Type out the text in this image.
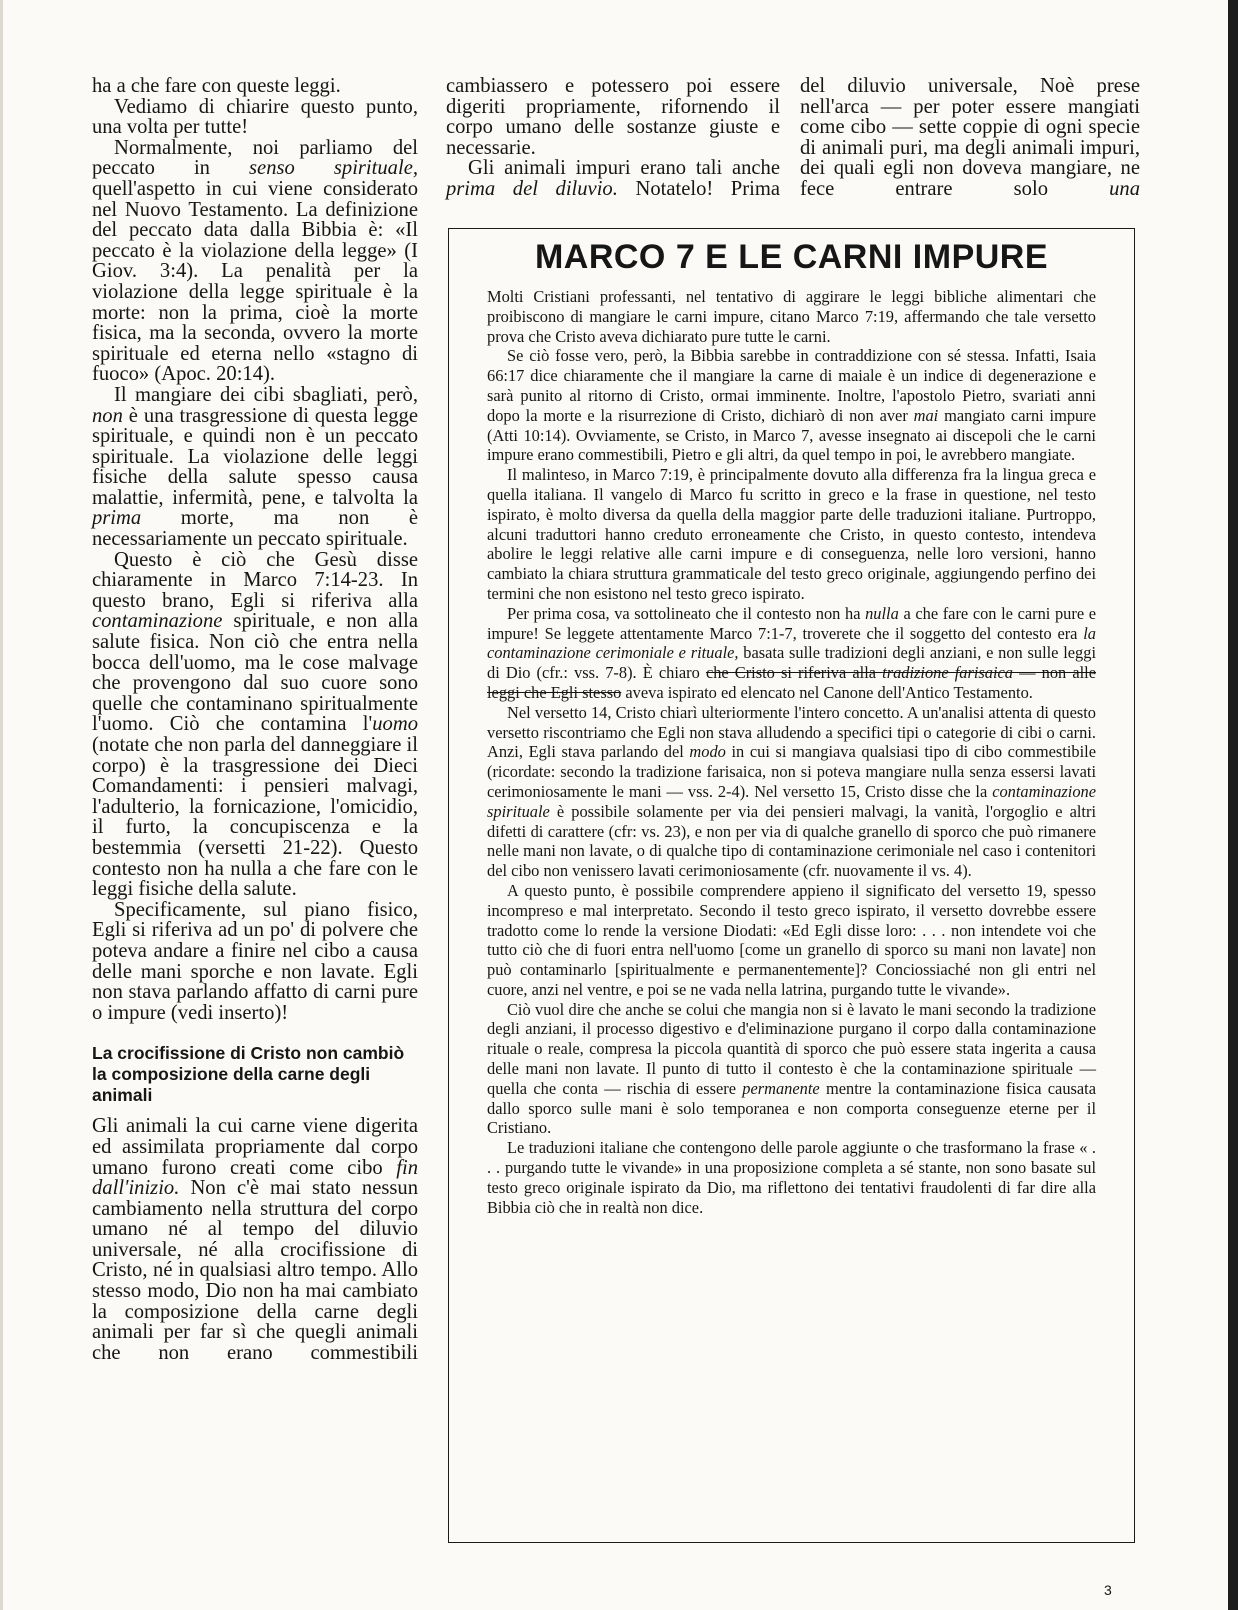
ha a che fare con queste leggi.

Vediamo di chiarire questo punto, una volta per tutte!

Normalmente, noi parliamo del peccato in senso spirituale, quell'aspetto in cui viene considerato nel Nuovo Testamento. La definizione del peccato data dalla Bibbia è: «Il peccato è la violazione della legge» (I Giov. 3:4). La penalità per la violazione della legge spirituale è la morte: non la prima, cioè la morte fisica, ma la seconda, ovvero la morte spirituale ed eterna nello «stagno di fuoco» (Apoc. 20:14).

Il mangiare dei cibi sbagliati, però, non è una trasgressione di questa legge spirituale, e quindi non è un peccato spirituale. La violazione delle leggi fisiche della salute spesso causa malattie, infermità, pene, e talvolta la prima morte, ma non è necessariamente un peccato spirituale.

Questo è ciò che Gesù disse chiaramente in Marco 7:14-23. In questo brano, Egli si riferiva alla contaminazione spirituale, e non alla salute fisica. Non ciò che entra nella bocca dell'uomo, ma le cose malvage che provengono dal suo cuore sono quelle che contaminano spiritualmente l'uomo. Ciò che contamina l'uomo (notate che non parla del danneggiare il corpo) è la trasgressione dei Dieci Comandamenti: i pensieri malvagi, l'adulterio, la fornicazione, l'omicidio, il furto, la concupiscenza e la bestemmia (versetti 21-22). Questo contesto non ha nulla a che fare con le leggi fisiche della salute.

Specificamente, sul piano fisico, Egli si riferiva ad un po' di polvere che poteva andare a finire nel cibo a causa delle mani sporche e non lavate. Egli non stava parlando affatto di carni pure o impure (vedi inserto)!

La crocifissione di Cristo non cambiò la composizione della carne degli animali

Gli animali la cui carne viene digerita ed assimilata propriamente dal corpo umano furono creati come cibo fin dall'inizio. Non c'è mai stato nessun cambiamento nella struttura del corpo umano né al tempo del diluvio universale, né alla crocifissione di Cristo, né in qualsiasi altro tempo. Allo stesso modo, Dio non ha mai cambiato la composizione della carne degli animali per far sì che quegli animali che non erano commestibili

cambiassero e potessero poi essere digeriti propriamente, rifornendo il corpo umano delle sostanze giuste e necessarie.

Gli animali impuri erano tali anche prima del diluvio. Notatelo! Prima

del diluvio universale, Noè prese nell'arca — per poter essere mangiati come cibo — sette coppie di ogni specie di animali puri, ma degli animali impuri, dei quali egli non doveva mangiare, ne fece entrare solo una

MARCO 7 E LE CARNI IMPURE

Molti Cristiani professanti, nel tentativo di aggirare le leggi bibliche alimentari che proibiscono di mangiare le carni impure, citano Marco 7:19, affermando che tale versetto prova che Cristo aveva dichiarato pure tutte le carni.

Se ciò fosse vero, però, la Bibbia sarebbe in contraddizione con sé stessa. Infatti, Isaia 66:17 dice chiaramente che il mangiare la carne di maiale è un indice di degenerazione e sarà punito al ritorno di Cristo, ormai imminente. Inoltre, l'apostolo Pietro, svariati anni dopo la morte e la risurrezione di Cristo, dichiarò di non aver mai mangiato carni impure (Atti 10:14). Ovviamente, se Cristo, in Marco 7, avesse insegnato ai discepoli che le carni impure erano commestibili, Pietro e gli altri, da quel tempo in poi, le avrebbero mangiate.

Il malinteso, in Marco 7:19, è principalmente dovuto alla differenza fra la lingua greca e quella italiana. Il vangelo di Marco fu scritto in greco e la frase in questione, nel testo ispirato, è molto diversa da quella della maggior parte delle traduzioni italiane. Purtroppo, alcuni traduttori hanno creduto erroneamente che Cristo, in questo contesto, intendeva abolire le leggi relative alle carni impure e di conseguenza, nelle loro versioni, hanno cambiato la chiara struttura grammaticale del testo greco originale, aggiungendo perfino dei termini che non esistono nel testo greco ispirato.

Per prima cosa, va sottolineato che il contesto non ha nulla a che fare con le carni pure e impure! Se leggete attentamente Marco 7:1-7, troverete che il soggetto del contesto era la contaminazione cerimoniale e rituale, basata sulle tradizioni degli anziani, e non sulle leggi di Dio (cfr.: vss. 7-8). È chiaro che Cristo si riferiva alla tradizione farisaica — non alle leggi che Egli stesso aveva ispirato ed elencato nel Canone dell'Antico Testamento.

Nel versetto 14, Cristo chiarì ulteriormente l'intero concetto. A un'analisi attenta di questo versetto riscontriamo che Egli non stava alludendo a specifici tipi o categorie di cibi o carni. Anzi, Egli stava parlando del modo in cui si mangiava qualsiasi tipo di cibo commestibile (ricordate: secondo la tradizione farisaica, non si poteva mangiare nulla senza essersi lavati cerimoniosamente le mani — vss. 2-4). Nel versetto 15, Cristo disse che la contaminazione spirituale è possibile solamente per via dei pensieri malvagi, la vanità, l'orgoglio e altri difetti di carattere (cfr: vs. 23), e non per via di qualche granello di sporco che può rimanere nelle mani non lavate, o di qualche tipo di contaminazione cerimoniale nel caso i contenitori del cibo non venissero lavati cerimoniosamente (cfr. nuovamente il vs. 4).

A questo punto, è possibile comprendere appieno il significato del versetto 19, spesso incompreso e mal interpretato. Secondo il testo greco ispirato, il versetto dovrebbe essere tradotto come lo rende la versione Diodati: «Ed Egli disse loro: . . . non intendete voi che tutto ciò che di fuori entra nell'uomo [come un granello di sporco su mani non lavate] non può contaminarlo [spiritualmente e permanentemente]? Conciossiaché non gli entri nel cuore, anzi nel ventre, e poi se ne vada nella latrina, purgando tutte le vivande».

Ciò vuol dire che anche se colui che mangia non si è lavato le mani secondo la tradizione degli anziani, il processo digestivo e d'eliminazione purgano il corpo dalla contaminazione rituale o reale, compresa la piccola quantità di sporco che può essere stata ingerita a causa delle mani non lavate. Il punto di tutto il contesto è che la contaminazione spirituale — quella che conta — rischia di essere permanente mentre la contaminazione fisica causata dallo sporco sulle mani è solo temporanea e non comporta conseguenze eterne per il Cristiano.

Le traduzioni italiane che contengono delle parole aggiunte o che trasformano la frase « . . . purgando tutte le vivande» in una proposizione completa a sé stante, non sono basate sul testo greco originale ispirato da Dio, ma riflettono dei tentativi fraudolenti di far dire alla Bibbia ciò che in realtà non dice.

3
